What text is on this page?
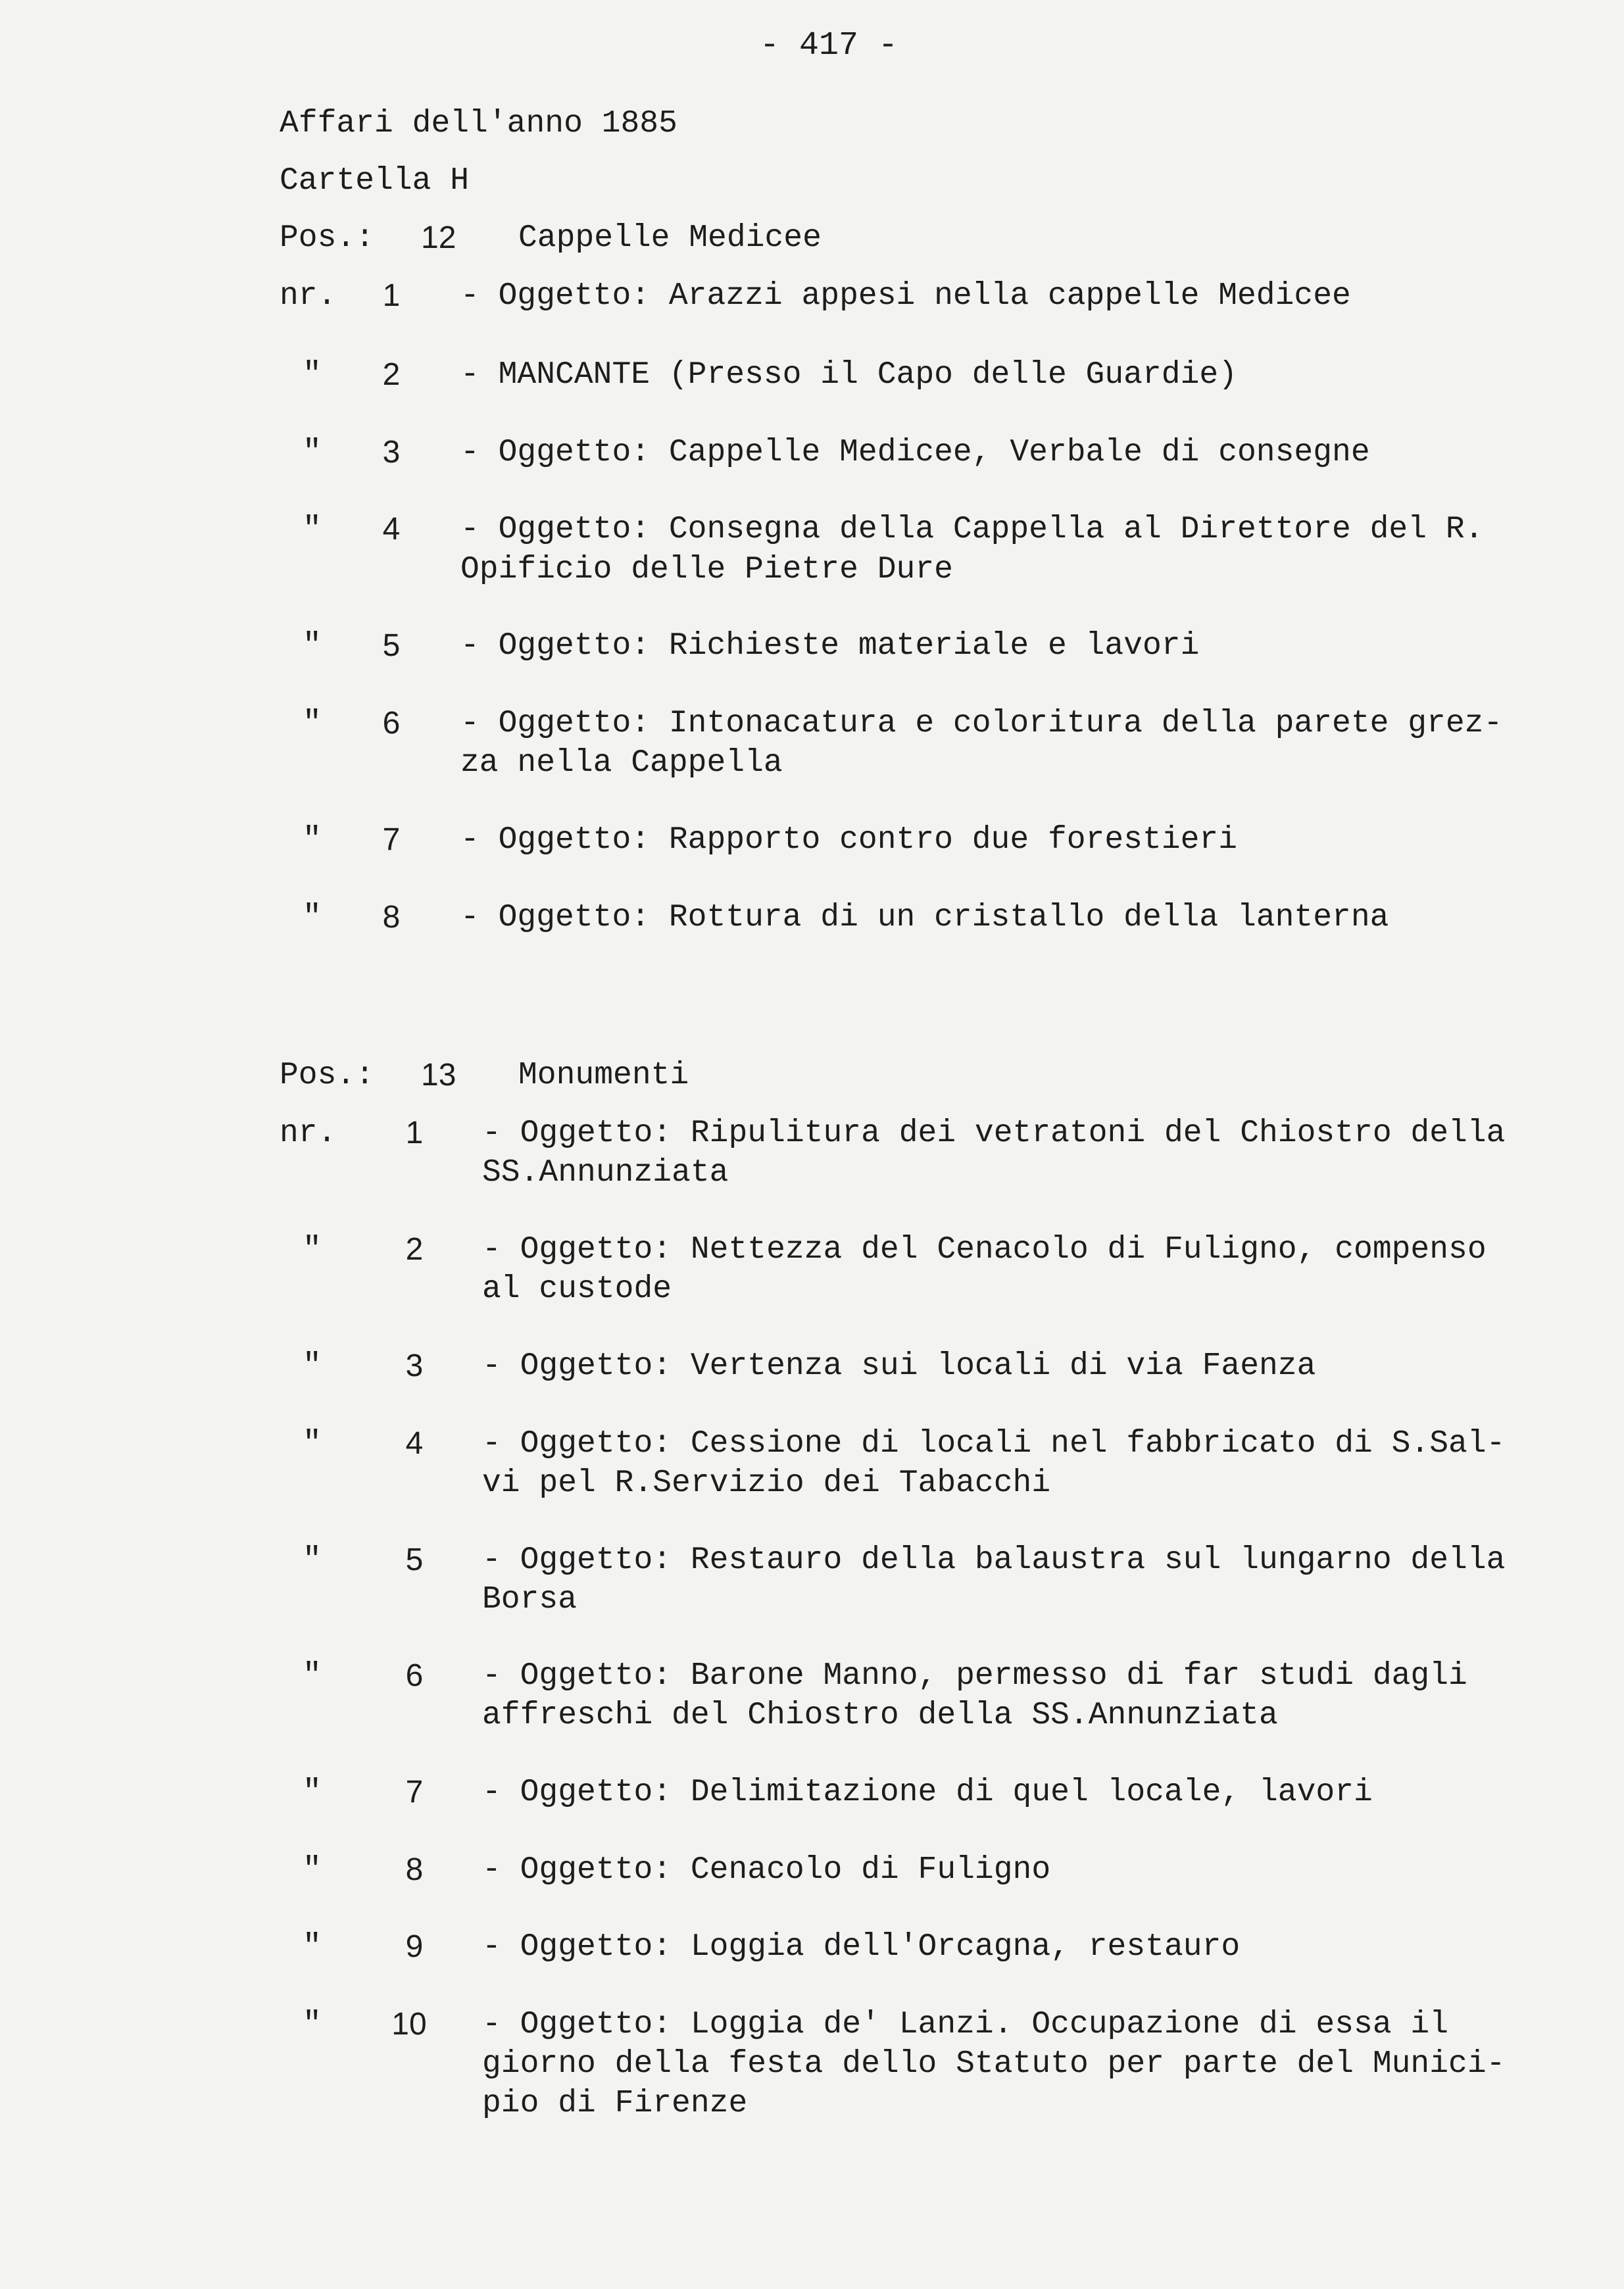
- 417 -
Affari dell'anno 1885
Cartella H
Pos.: 12 Cappelle Medicee
nr.	1	- Oggetto: Arazzi appesi nella cappelle Medicee
"	2	- MANCANTE (Presso il Capo delle Guardie)
"	3	- Oggetto: Cappelle Medicee, Verbale di consegne
"	4	- Oggetto: Consegna della Cappella al Direttore del R.
Opificio delle Pietre Dure
"	5	- Oggetto: Richieste materiale e lavori
"	6	- Oggetto: Intonacatura e coloritura della parete grez-
za nella Cappella
"	7	- Oggetto: Rapporto contro due forestieri
"	8	- Oggetto: Rottura di un cristallo della lanterna
Pos.: 13 Monumenti
nr.	1	- Oggetto: Ripulitura dei vetratoni del Chiostro della
SS.Annunziata
"	2	- Oggetto: Nettezza del Cenacolo di Fuligno, compenso
al custode
"	3	- Oggetto: Vertenza sui locali di via Faenza
"	4	- Oggetto: Cessione di locali nel fabbricato di S.Sal-
vi pel R.Servizio dei Tabacchi
"	5	- Oggetto: Restauro della balaustra sul lungarno della
Borsa
"	6	- Oggetto: Barone Manno, permesso di far studi dagli
affreschi del Chiostro della SS.Annunziata
"	7	- Oggetto: Delimitazione di quel locale, lavori
"	8	- Oggetto: Cenacolo di Fuligno
"	9	- Oggetto: Loggia dell'Orcagna, restauro
" 10 - Oggetto: Loggia de' Lanzi. Occupazione di essa il
giorno della festa dello Statuto per parte del Munici-
pio di Firenze
